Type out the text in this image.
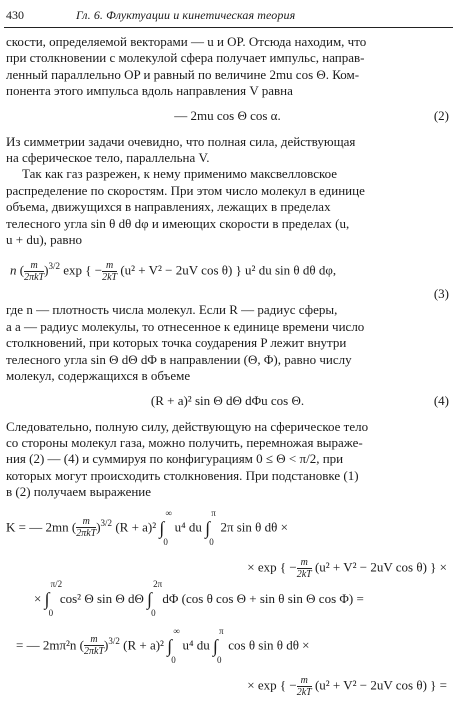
430	Гл. 6. Флуктуации и кинетическая теория

скости, определяемой векторами — u и OP. Отсюда находим, что

при столкновении с молекулой сфера получает импульс, направ-

ленный параллельно OP и равный по величине 2mu cos Θ. Ком-

понента этого импульса вдоль направления V равна

— 2mu cos Θ cos α.	(2)

Из симметрии задачи очевидно, что полная сила, действующая

на сферическое тело, параллельна V.

Так как газ разрежен, к нему применимо максвелловское

распределение по скоростям. При этом число молекул в единице

объема, движущихся в направлениях, лежащих в пределах

телесного угла sin θ dθ dφ и имеющих скорости в пределах (u,

u + du), равно

n ( $\frac{m}{\text{2πkT}} )^{3/2}$ exp { − $\frac{m}{2kT} (u^2 + V^2 - 2uV$ cos θ) } u² du sin θ dθ dφ,
(3)

где n — плотность числа молекул. Если R — радиус сферы,

а a — радиус молекулы, то отнесенное к единице времени число

столкновений, при которых точка соударения P лежит внутри

телесного угла sin Θ dΘ dΦ в направлении (Θ, Φ), равно числу

молекул, содержащихся в объеме

(R + a)² sin Θ dΘ dΦu cos Θ.	(4)

Следовательно, полную силу, действующую на сферическое тело

со стороны молекул газа, можно получить, перемножая выраже-

ния (2) — (4) и суммируя по конфигурациям 0 ≤ Θ < π/2, при

которых могут происходить столкновения. При подстановке (1)

в (2) получаем выражение

K = — 2mn ( $\frac{m}{\text{2πkT}} )^{3/2}$ (R + a)² ∫
∞
0
u⁴ du ∫
π
0
2π sin θ dθ ×
× exp { − $\frac{m}{2kT} (u^2 + V^2 - 2uV$ cos θ) } ×
× ∫
π/2
0
cos² Θ sin Θ dΘ ∫
2π
0
dΦ (cos θ cos Θ + sin θ sin Θ cos Φ) =
= — 2mπ²n ( $\frac{m}{\text{2πkT}} )^{3/2}$ (R + a)² ∫
∞
0
u⁴ du ∫
π
0
cos θ sin θ dθ ×
× exp { − $\frac{m}{2kT} (u^2 + V^2 - 2uV$ cos θ) } =
